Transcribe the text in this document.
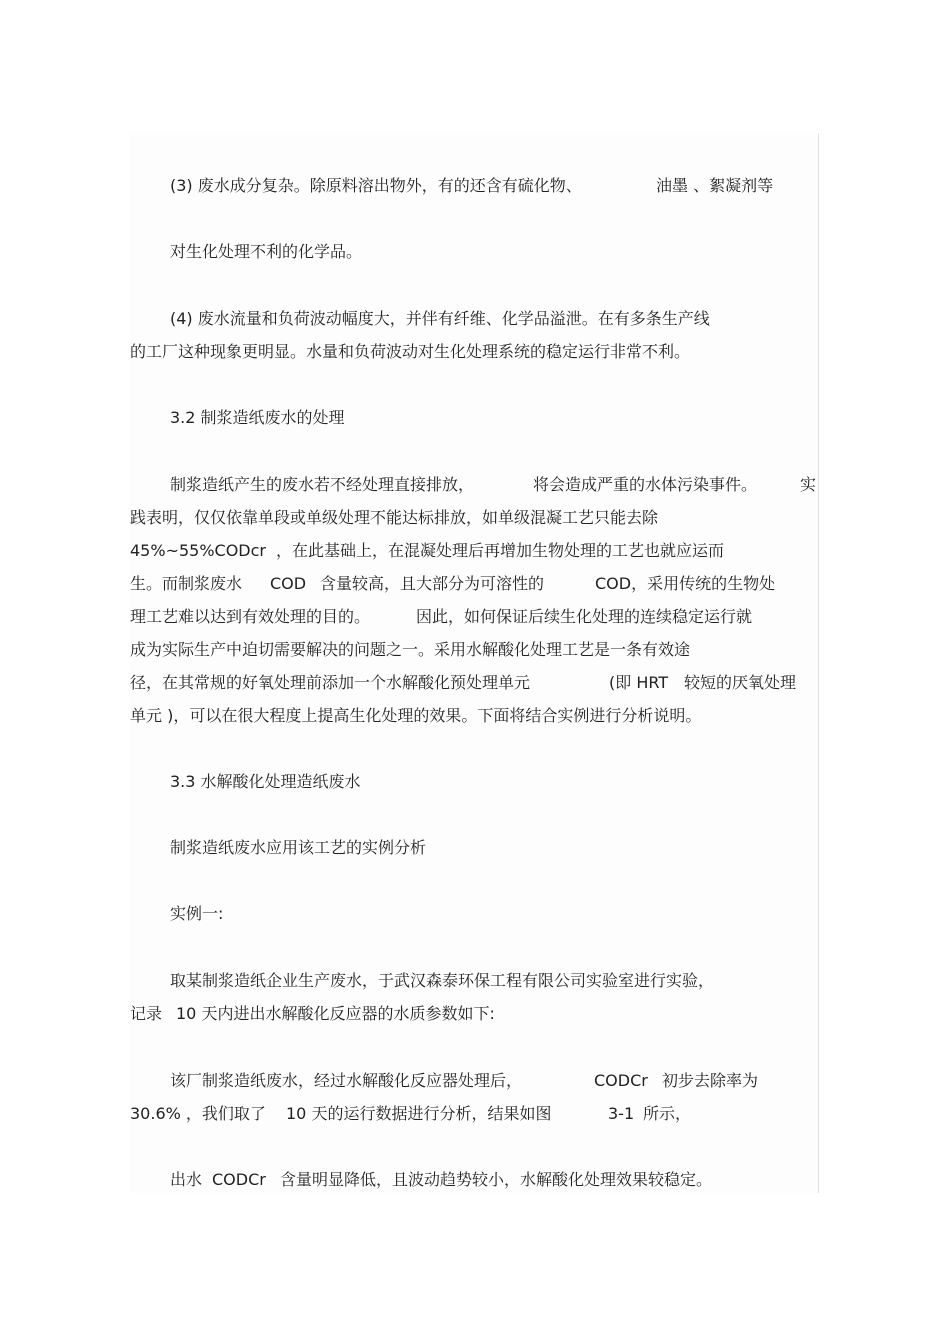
(3) 废水成分复杂。除原料溶出物外，有的还含有硫化物、	油墨 、絮凝剂等
对生化处理不利的化学品。
(4) 废水流量和负荷波动幅度大，并伴有纤维、化学品溢泄。在有多条生产线
的工厂这种现象更明显。水量和负荷波动对生化处理系统的稳定运行非常不利。
3.2 制浆造纸废水的处理
制浆造纸产生的废水若不经处理直接排放，	将会造成严重的水体污染事件。	实
践表明，仅仅依靠单段或单级处理不能达标排放，如单级混凝工艺只能去除
45%~55%CODcr ，在此基础上，在混凝处理后再增加生物处理的工艺也就应运而
生。而制浆废水 COD 含量较高，且大部分为可溶性的	COD，采用传统的生物处
理工艺难以达到有效处理的目的。	因此，如何保证后续生化处理的连续稳定运行就
成为实际生产中迫切需要解决的问题之一。采用水解酸化处理工艺是一条有效途
径，在其常规的好氧处理前添加一个水解酸化预处理单元	(即 HRT 较短的厌氧处理
单元 )，可以在很大程度上提高生化处理的效果。下面将结合实例进行分析说明。
3.3 水解酸化处理造纸废水
制浆造纸废水应用该工艺的实例分析
实例一:
取某制浆造纸企业生产废水，于武汉森泰环保工程有限公司实验室进行实验，
记录 10 天内进出水解酸化反应器的水质参数如下:
该厂制浆造纸废水，经过水解酸化反应器处理后，	CODCr 初步去除率为
30.6% ，我们取了 10 天的运行数据进行分析，结果如图	3-1 所示，
出水 CODCr 含量明显降低，且波动趋势较小，水解酸化处理效果较稳定。
